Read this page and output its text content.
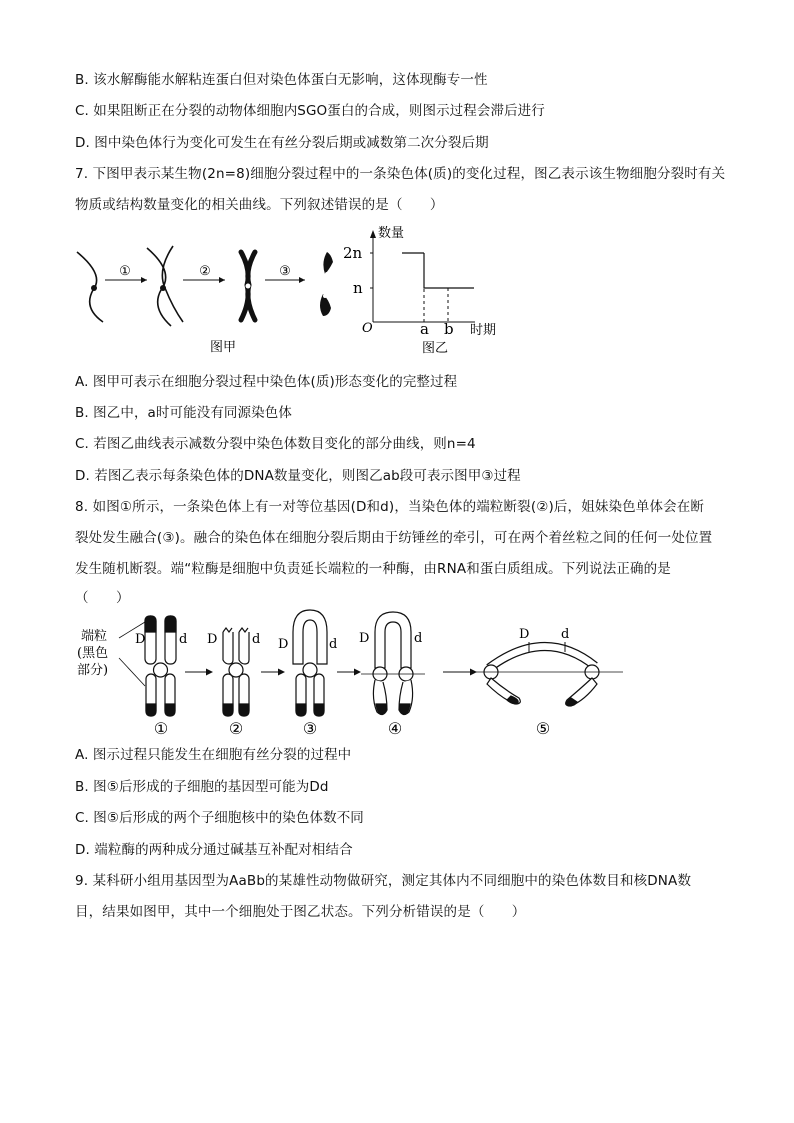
B. 该水解酶能水解粘连蛋白但对染色体蛋白无影响，这体现酶专一性
C. 如果阻断正在分裂的动物体细胞内SGO蛋白的合成，则图示过程会滞后进行
D. 图中染色体行为变化可发生在有丝分裂后期或减数第二次分裂后期
7. 下图甲表示某生物(2n=8)细胞分裂过程中的一条染色体(质)的变化过程，图乙表示该生物细胞分裂时有关
物质或结构数量变化的相关曲线。下列叙述错误的是（　　）
①	②	③
图甲
数量
2n
n
O	a b 时期
图乙
A. 图甲可表示在细胞分裂过程中染色体(质)形态变化的完整过程
B. 图乙中，a时可能没有同源染色体
C. 若图乙曲线表示减数分裂中染色体数目变化的部分曲线，则n=4
D. 若图乙表示每条染色体的DNA数量变化，则图乙ab段可表示图甲③过程
8. 如图①所示，一条染色体上有一对等位基因(D和d)，当染色体的端粒断裂(②)后，姐妹染色单体会在断
裂处发生融合(③)。融合的染色体在细胞分裂后期由于纺锤丝的牵引，可在两个着丝粒之间的任何一处位置
发生随机断裂。端“粒酶是细胞中负责延长端粒的一种酶，由RNA和蛋白质组成。下列说法正确的是
（　　）
端粒
(黑色
部分)
D	d D	d D	d D	d	D d
①	②	③	④	⑤
A. 图示过程只能发生在细胞有丝分裂的过程中
B. 图⑤后形成的子细胞的基因型可能为Dd
C. 图⑤后形成的两个子细胞核中的染色体数不同
D. 端粒酶的两种成分通过碱基互补配对相结合
9. 某科研小组用基因型为AaBb的某雄性动物做研究，测定其体内不同细胞中的染色体数目和核DNA数
目，结果如图甲，其中一个细胞处于图乙状态。下列分析错误的是（　　）
